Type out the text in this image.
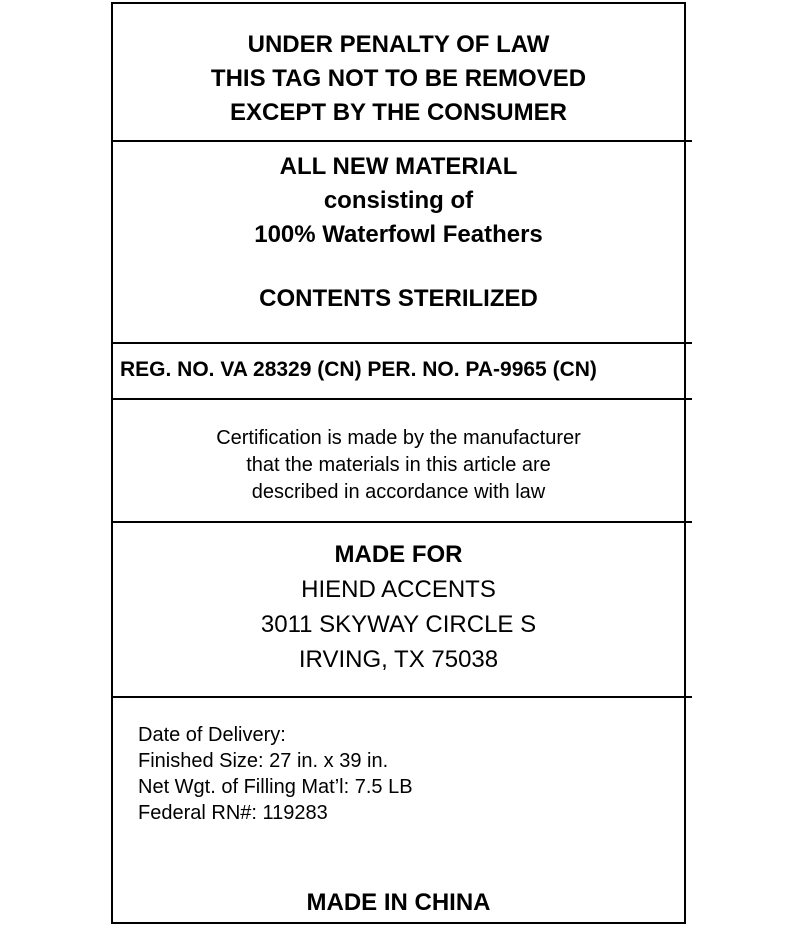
UNDER PENALTY OF LAW
THIS TAG NOT TO BE REMOVED
EXCEPT BY THE CONSUMER
ALL NEW MATERIAL
consisting of
100% Waterfowl Feathers
CONTENTS STERILIZED
REG. NO. VA 28329 (CN) PER. NO. PA-9965 (CN)
Certification is made by the manufacturer
that the materials in this article are
described in accordance with law
MADE FOR
HIEND ACCENTS
3011 SKYWAY CIRCLE S
IRVING, TX 75038
Date of Delivery:
Finished Size: 27 in. x 39 in.
Net Wgt. of Filling Mat’l: 7.5 LB
Federal RN#: 119283
MADE IN CHINA
